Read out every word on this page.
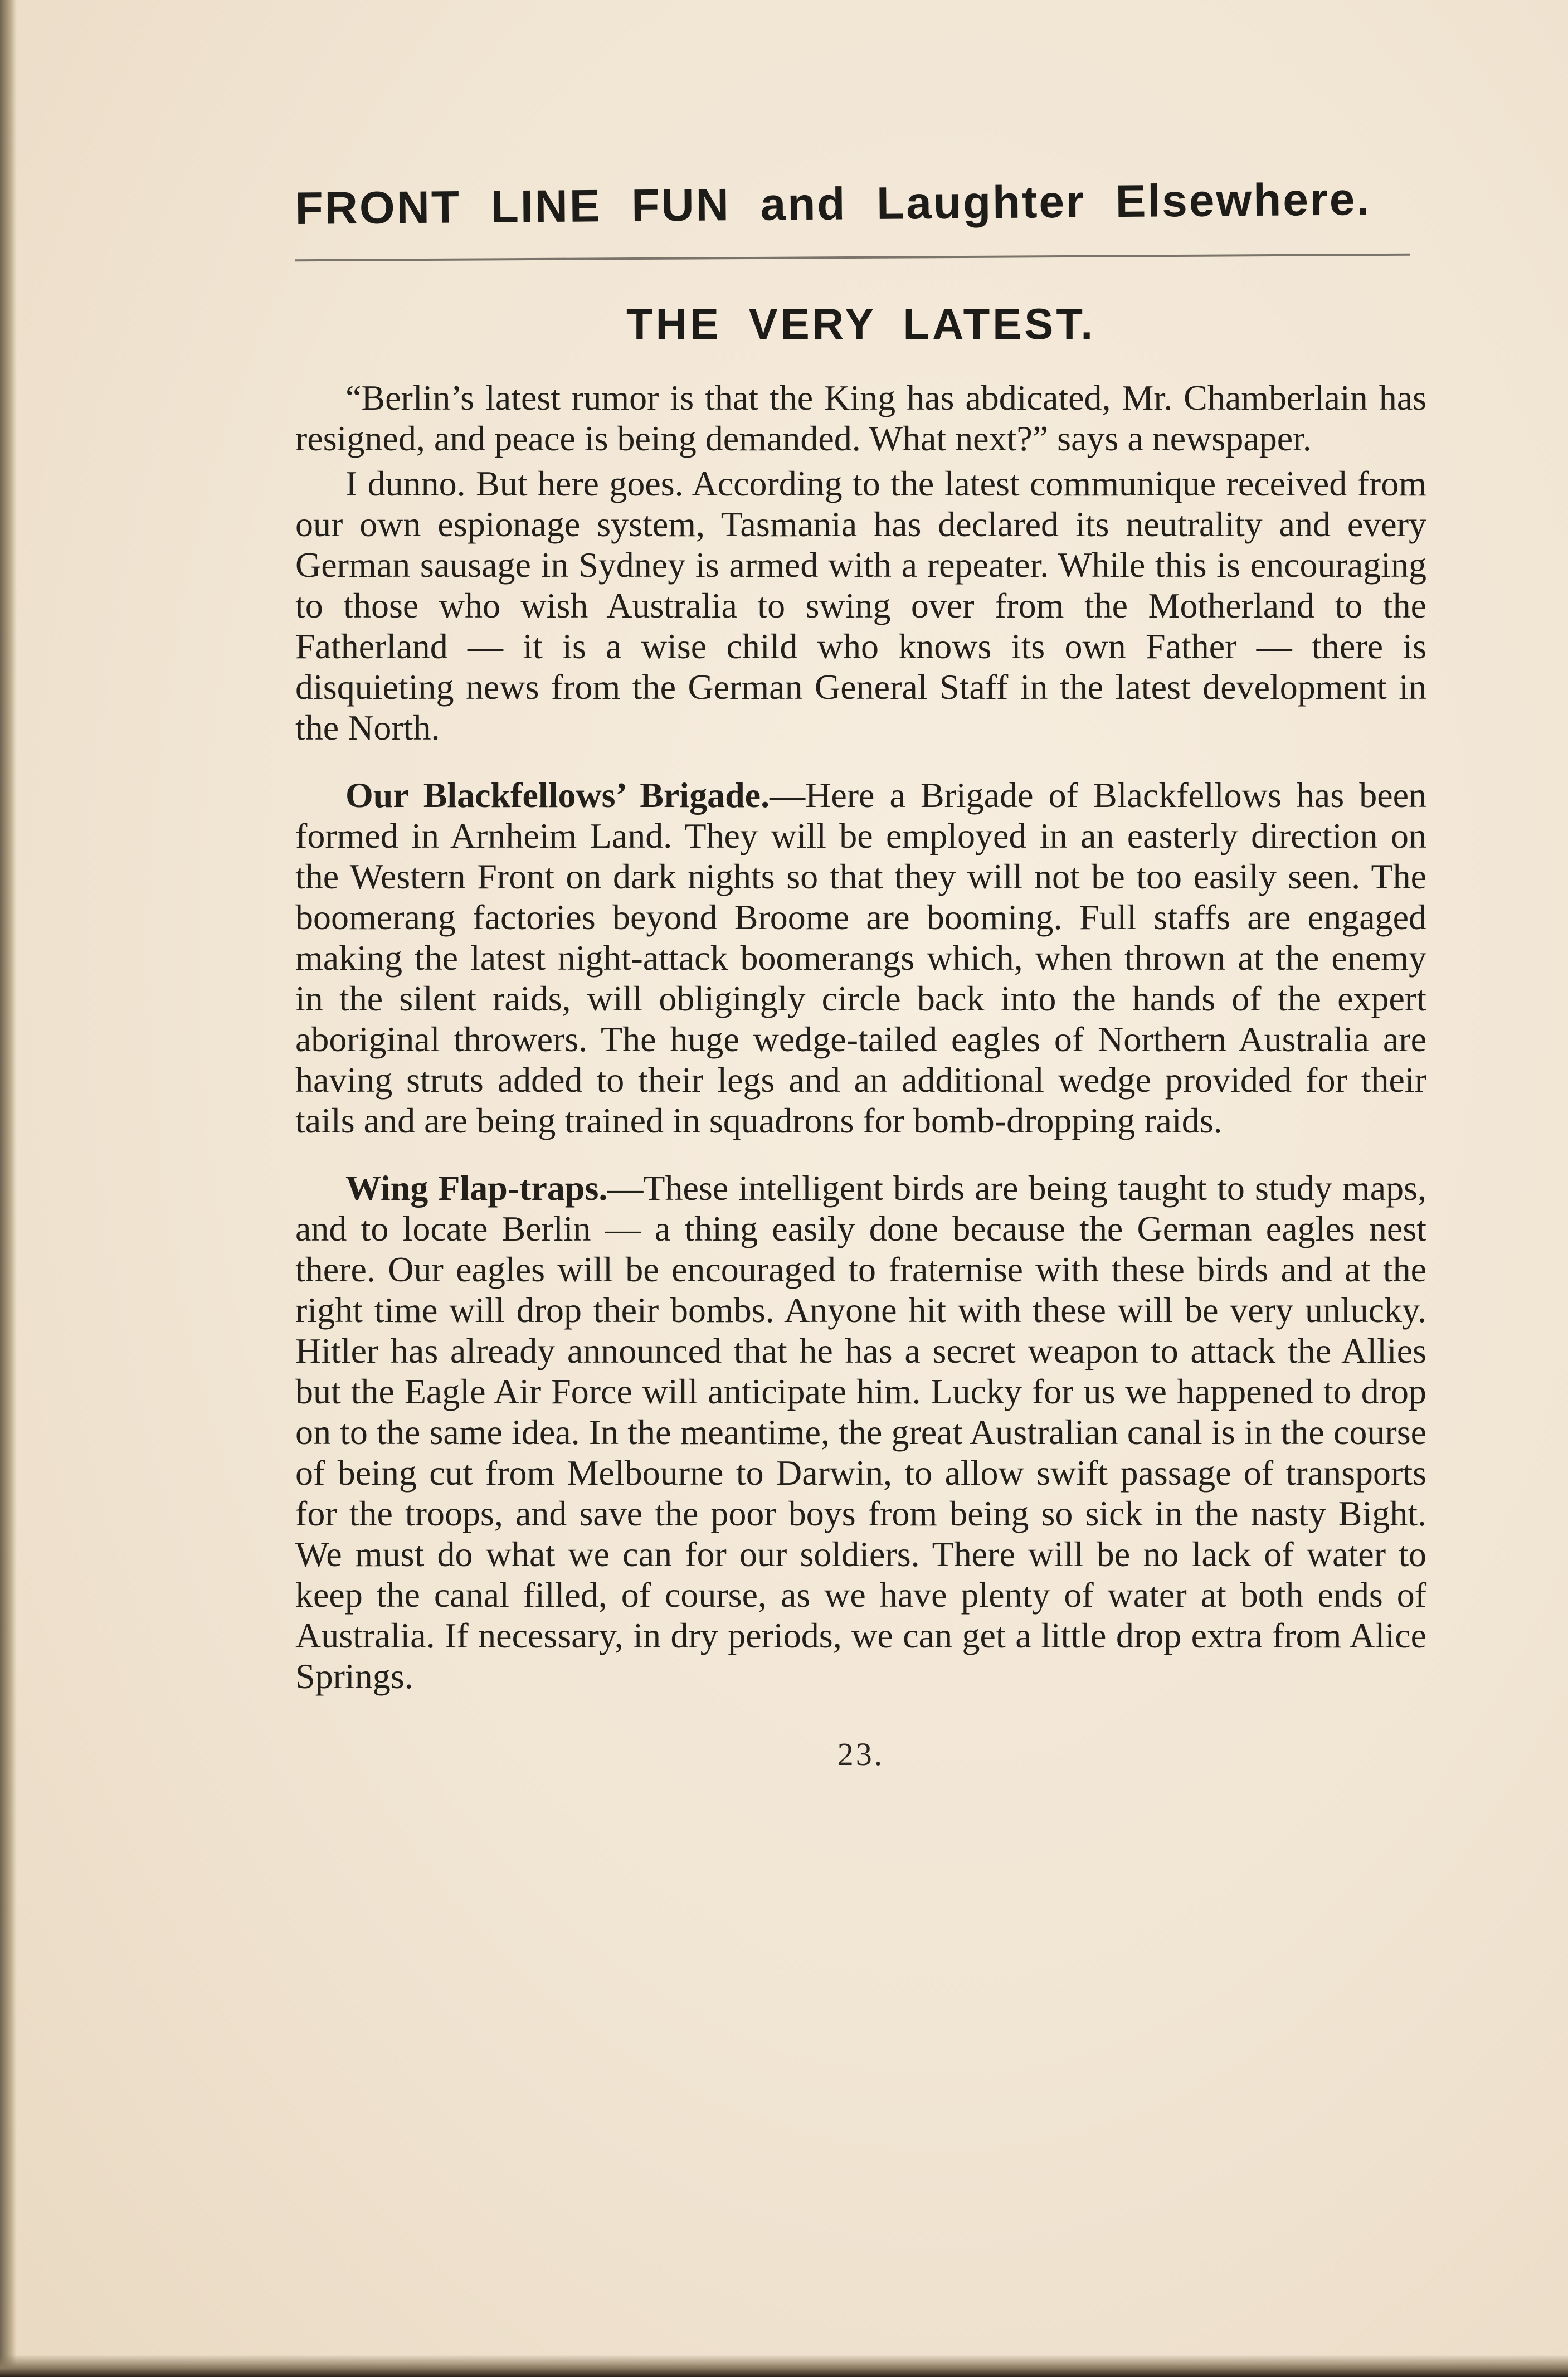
FRONT LINE FUN and Laughter Elsewhere.
THE VERY LATEST.

“Berlin’s latest rumor is that the King has abdicated, Mr. Chamberlain has resigned, and peace is being demanded. What next?” says a newspaper.

I dunno. But here goes. According to the latest communique received from our own espionage system, Tasmania has declared its neutrality and every German sausage in Sydney is armed with a repeater. While this is encouraging to those who wish Australia to swing over from the Motherland to the Fatherland — it is a wise child who knows its own Father — there is disquieting news from the German General Staff in the latest development in the North.

Our Blackfellows’ Brigade.—Here a Brigade of Blackfellows has been formed in Arnheim Land. They will be employed in an easterly direction on the Western Front on dark nights so that they will not be too easily seen. The boomerang factories beyond Broome are booming. Full staffs are engaged making the latest night-attack boomerangs which, when thrown at the enemy in the silent raids, will obligingly circle back into the hands of the expert aboriginal throwers. The huge wedge-tailed eagles of Northern Australia are having struts added to their legs and an additional wedge provided for their tails and are being trained in squadrons for bomb-dropping raids.

Wing Flap-traps.—These intelligent birds are being taught to study maps, and to locate Berlin — a thing easily done because the German eagles nest there. Our eagles will be encouraged to fraternise with these birds and at the right time will drop their bombs. Anyone hit with these will be very unlucky. Hitler has already announced that he has a secret weapon to attack the Allies but the Eagle Air Force will anticipate him. Lucky for us we happened to drop on to the same idea. In the meantime, the great Australian canal is in the course of being cut from Melbourne to Darwin, to allow swift passage of transports for the troops, and save the poor boys from being so sick in the nasty Bight. We must do what we can for our soldiers. There will be no lack of water to keep the canal filled, of course, as we have plenty of water at both ends of Australia. If necessary, in dry periods, we can get a little drop extra from Alice Springs.

23.
